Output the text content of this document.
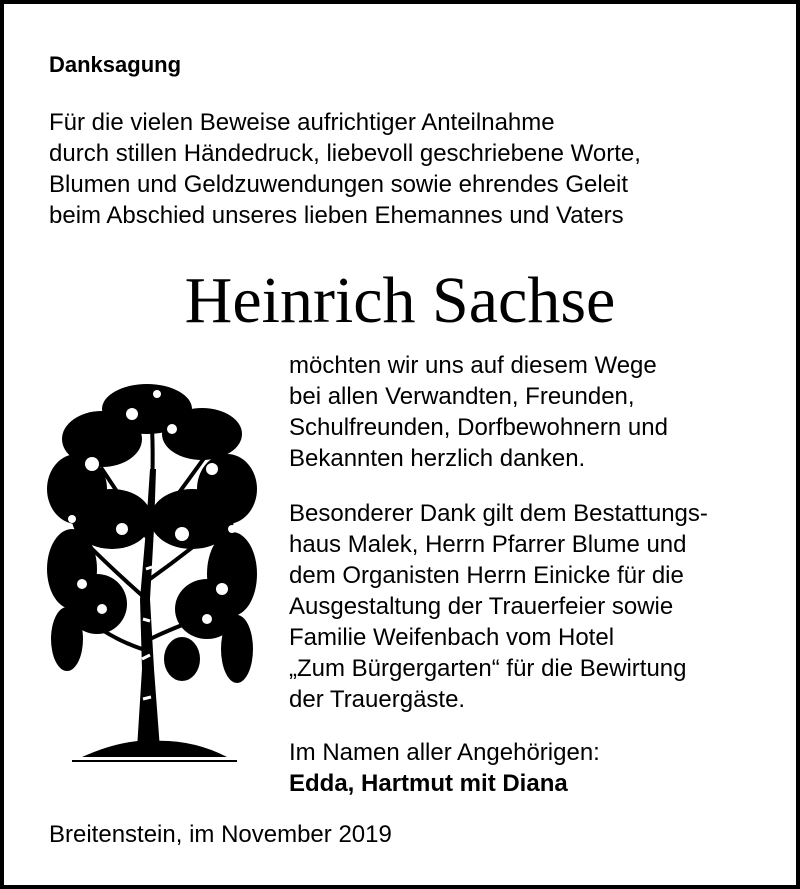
Danksagung
Für die vielen Beweise aufrichtiger Anteilnahme
durch stillen Händedruck, liebevoll geschriebene Worte,
Blumen und Geldzuwendungen sowie ehrendes Geleit
beim Abschied unseres lieben Ehemannes und Vaters
Heinrich Sachse
möchten wir uns auf diesem Wege
bei allen Verwandten, Freunden,
Schulfreunden, Dorfbewohnern und
Bekannten herzlich danken.
Besonderer Dank gilt dem Bestattungs-
haus Malek, Herrn Pfarrer Blume und
dem Organisten Herrn Einicke für die
Ausgestaltung der Trauerfeier sowie
Familie Weifenbach vom Hotel
„Zum Bürgergarten“ für die Bewirtung
der Trauergäste.
Im Namen aller Angehörigen:
Edda, Hartmut mit Diana
Breitenstein, im November 2019
